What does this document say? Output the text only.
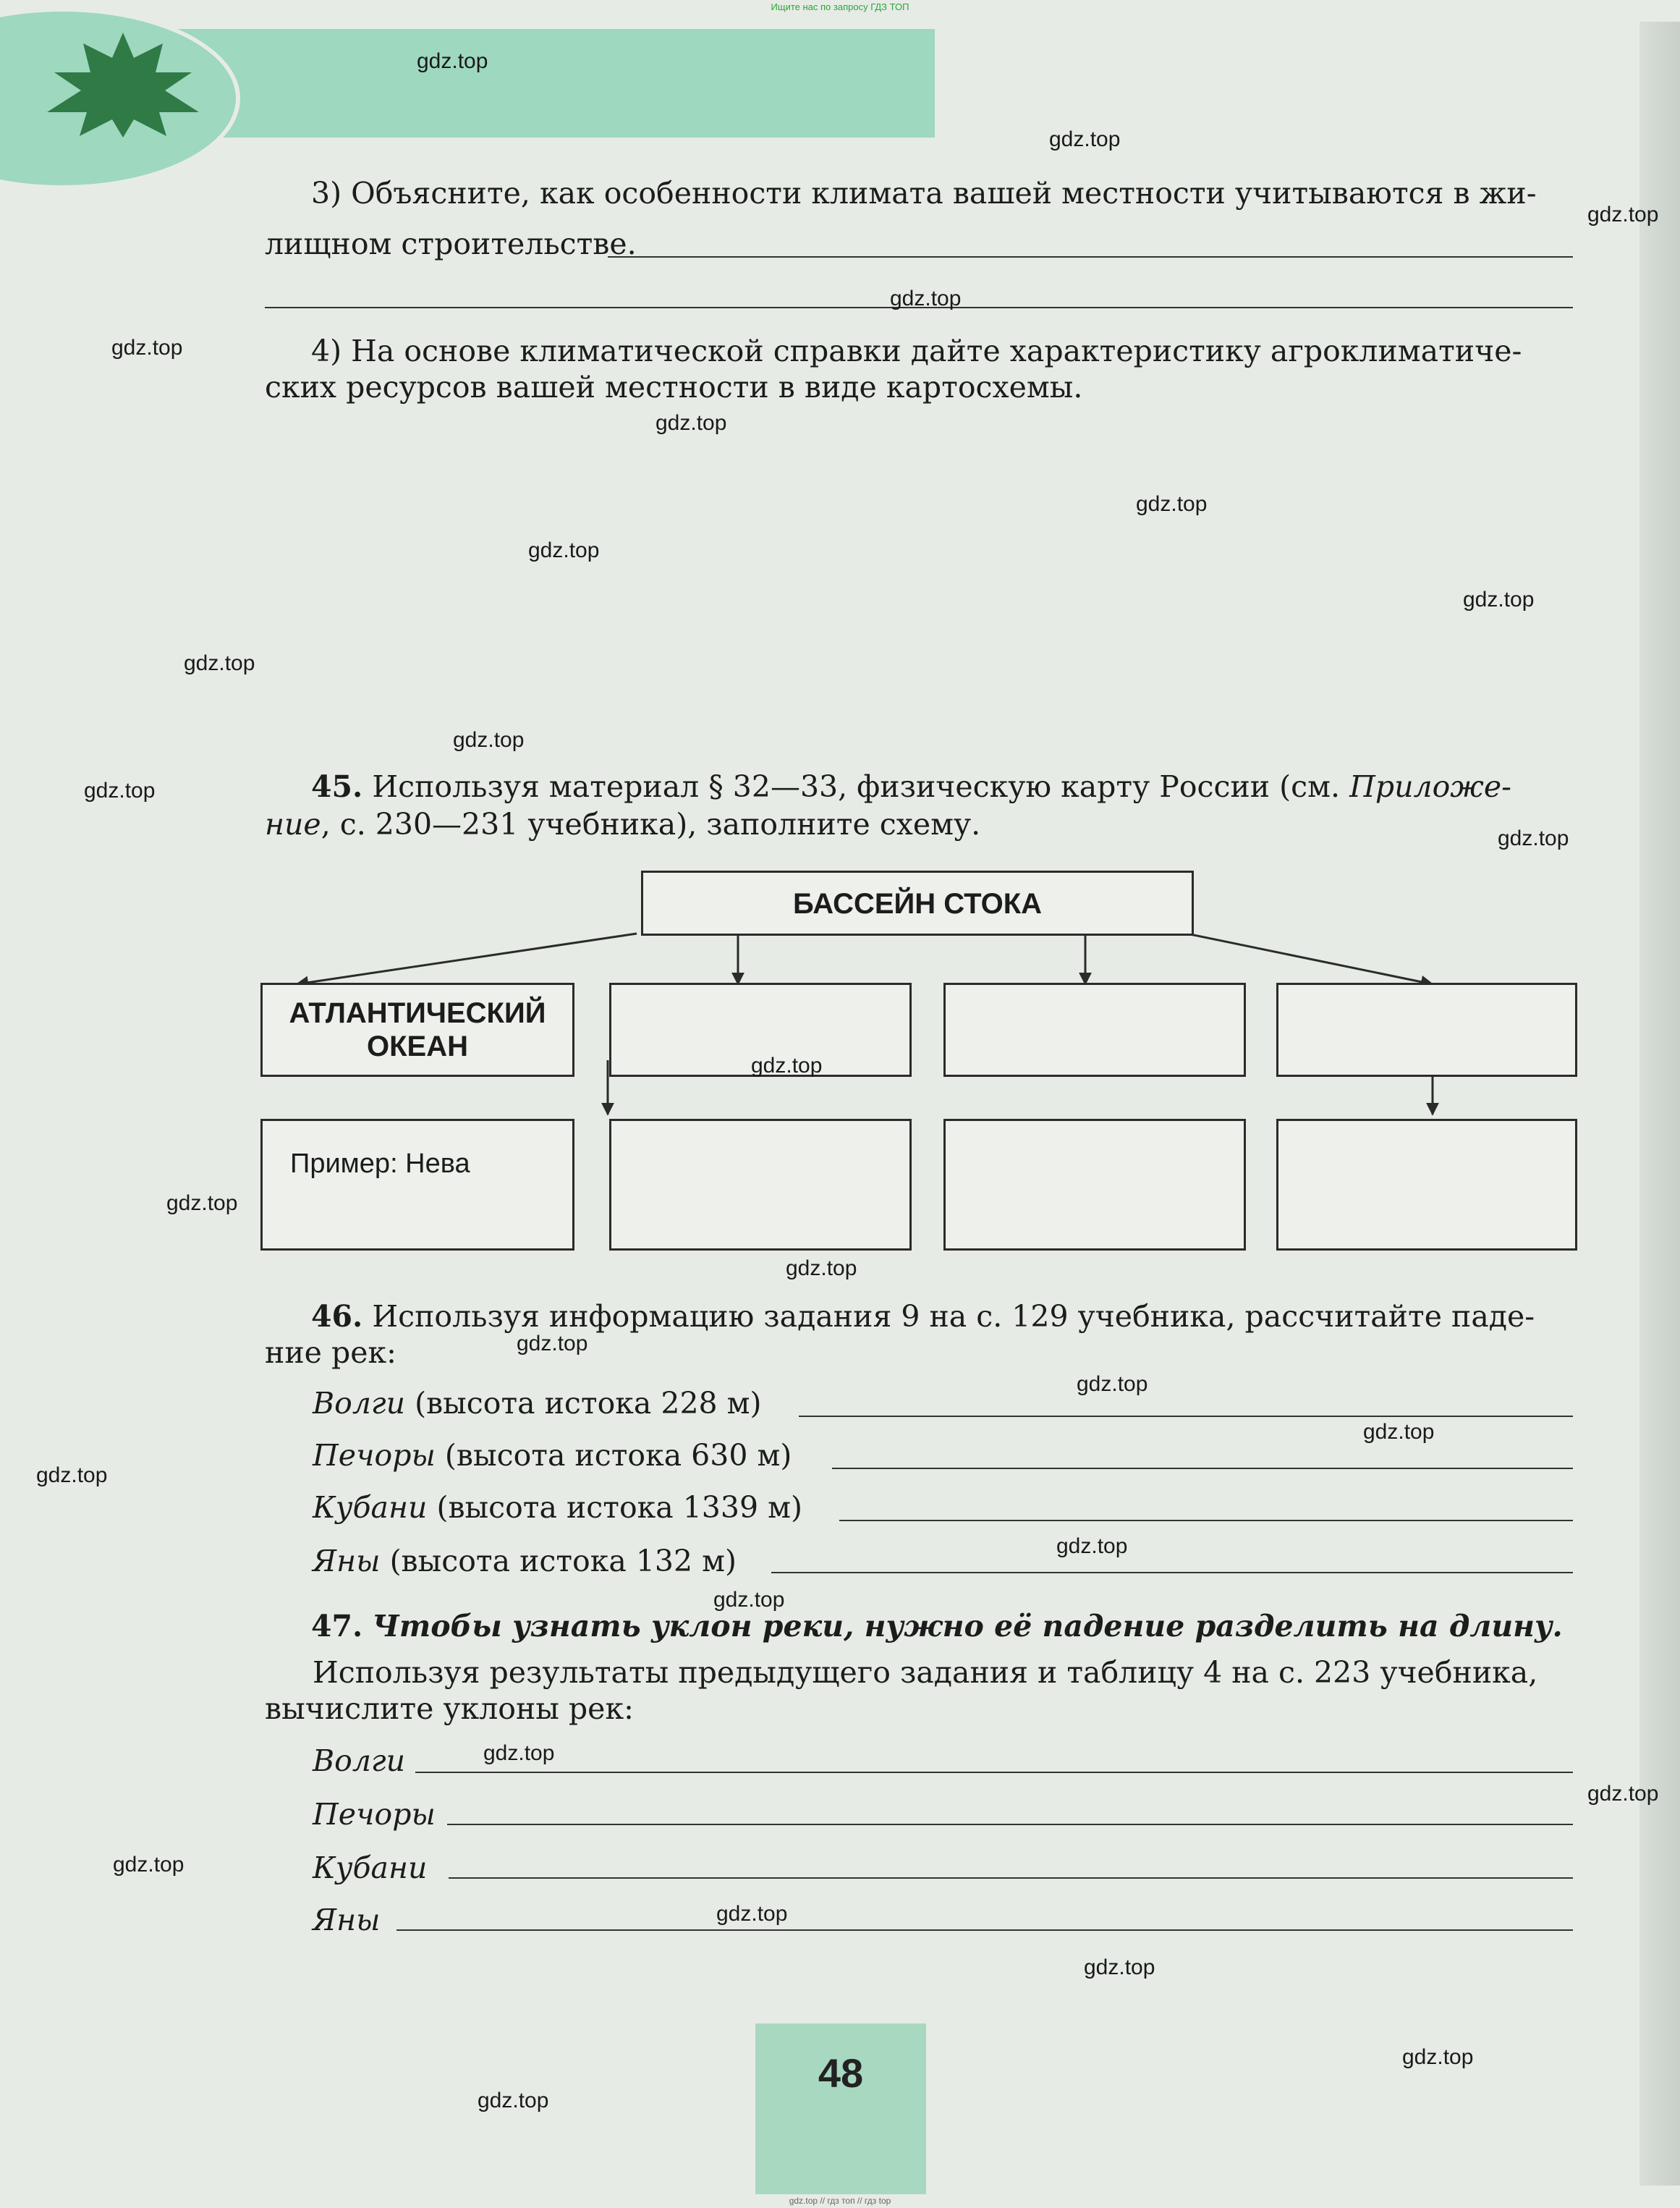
Ищите нас по запросу ГДЗ ТОП
3) Объясните, как особенности климата вашей местности учитываются в жи-
лищном строительстве.
4) На основе климатической справки дайте характеристику агроклиматиче-
ских ресурсов вашей местности в виде картосхемы.
45. Используя материал § 32—33, физическую карту России (см. Приложе-
ние, с. 230—231 учебника), заполните схему.
БАССЕЙН СТОКА
АТЛАНТИЧЕСКИЙ
ОКЕАН
Пример: Нева
46. Используя информацию задания 9 на с. 129 учебника, рассчитайте паде-
ние рек:
Волги (высота истока 228 м)
Печоры (высота истока 630 м)
Кубани (высота истока 1339 м)
Яны (высота истока 132 м)
47. Чтобы узнать уклон реки, нужно её падение разделить на длину.
Используя результаты предыдущего задания и таблицу 4 на с. 223 учебника,
вычислите уклоны рек:
Волги
Печоры
Кубани
Яны
48
gdz.top
gdz.top
gdz.top
gdz.top
gdz.top
gdz.top
gdz.top
gdz.top
gdz.top
gdz.top
gdz.top
gdz.top
gdz.top
gdz.top
gdz.top
gdz.top
gdz.top
gdz.top
gdz.top
gdz.top
gdz.top
gdz.top
gdz.top
gdz.top
gdz.top
gdz.top
gdz.top
gdz.top
gdz.top
gdz.top // гдз топ // гдз top
